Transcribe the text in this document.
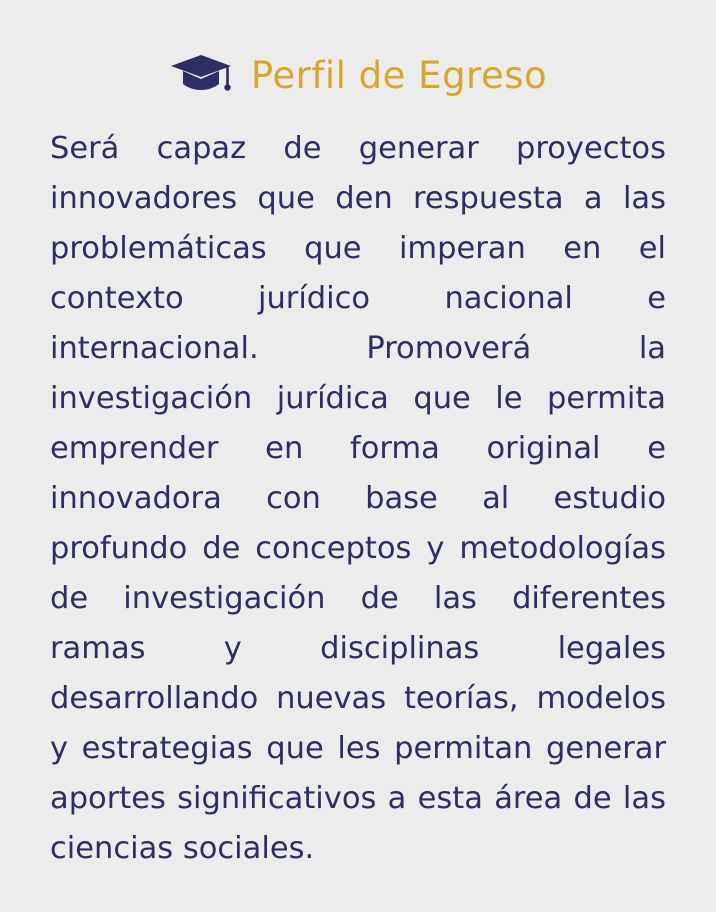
Perfil de Egreso

Será capaz de generar proyectos innovadores que den respuesta a las problemáticas que imperan en el contexto jurídico nacional e internacional. Promoverá la investigación jurídica que le permita emprender en forma original e innovadora con base al estudio profundo de conceptos y metodologías de investigación de las diferentes ramas y disciplinas legales desarrollando nuevas teorías, modelos y estrategias que les permitan generar aportes significativos a esta área de las ciencias sociales.
